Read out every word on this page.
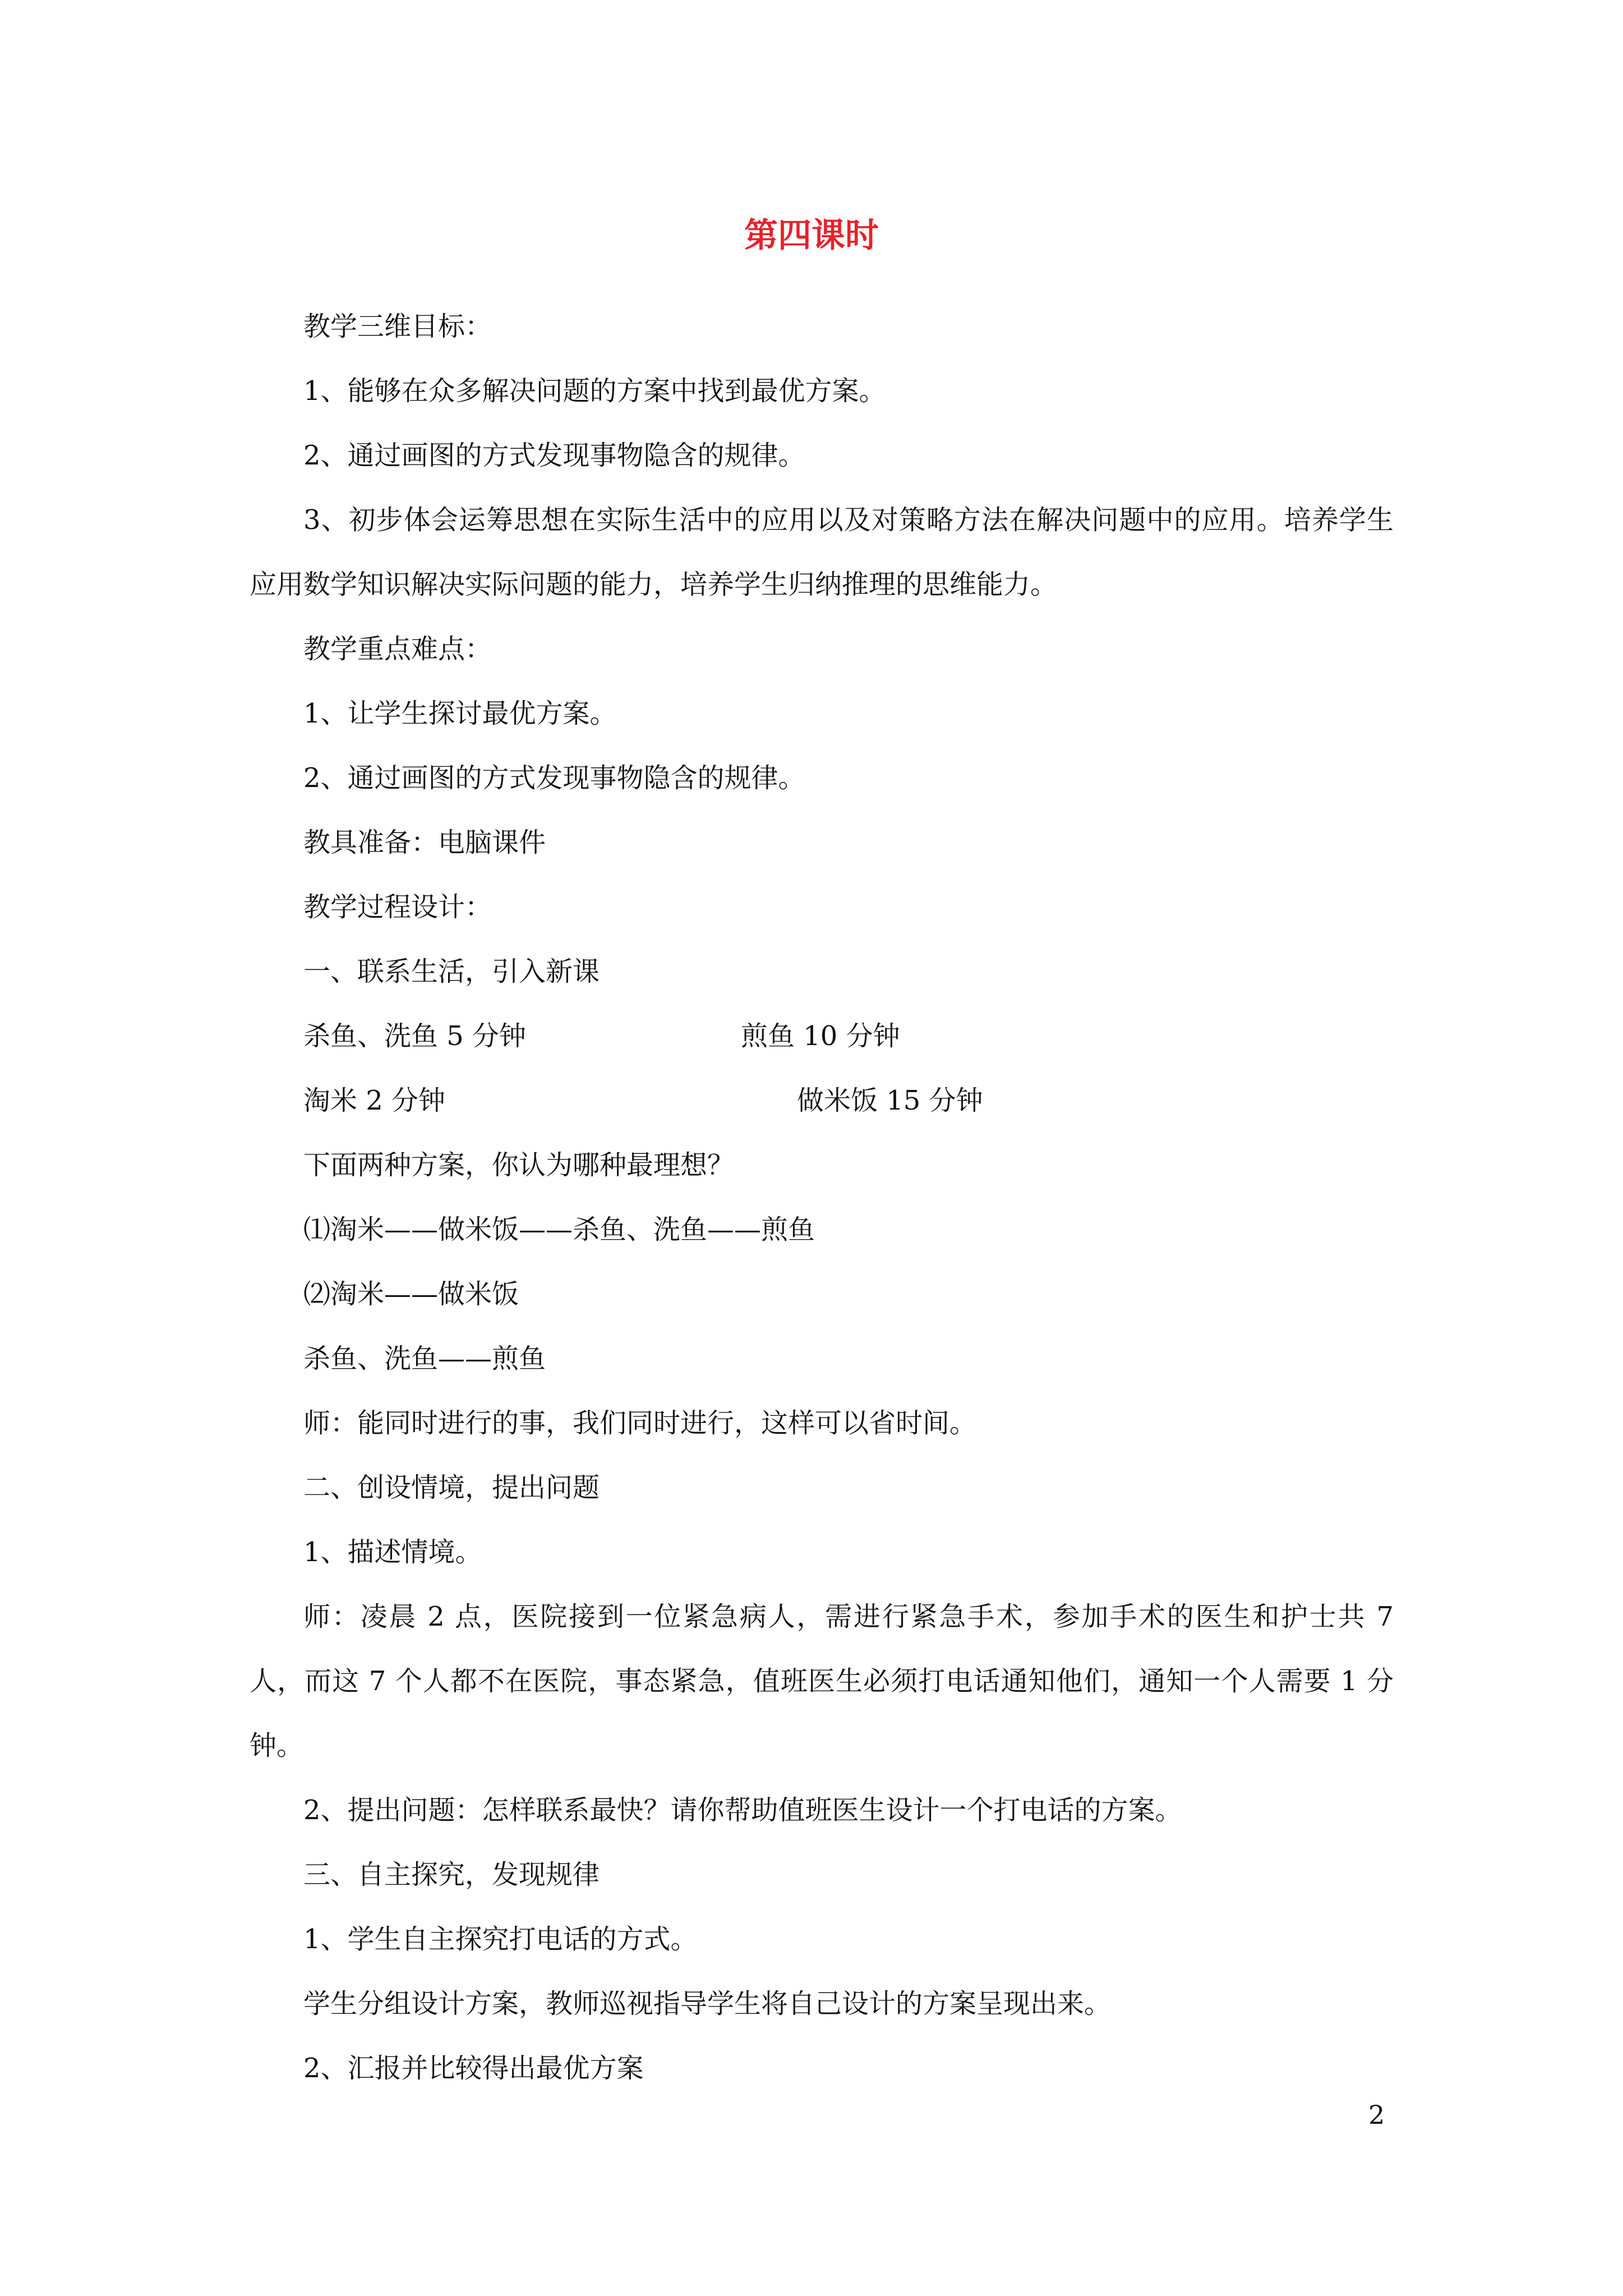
第四课时

教学三维目标：

1、能够在众多解决问题的方案中找到最优方案。

2、通过画图的方式发现事物隐含的规律。

3、初步体会运筹思想在实际生活中的应用以及对策略方法在解决问题中的应用。培养学生应用数学知识解决实际问题的能力，培养学生归纳推理的思维能力。

教学重点难点：

1、让学生探讨最优方案。

2、通过画图的方式发现事物隐含的规律。

教具准备：电脑课件

教学过程设计：

一、联系生活，引入新课

杀鱼、洗鱼 5 分钟	煎鱼 10 分钟
淘米 2 分钟	做米饭 15 分钟

下面两种方案，你认为哪种最理想？

⑴淘米——做米饭——杀鱼、洗鱼——煎鱼

⑵淘米——做米饭

杀鱼、洗鱼——煎鱼

师：能同时进行的事，我们同时进行，这样可以省时间。

二、创设情境，提出问题

1、描述情境。

师：凌晨 2 点，医院接到一位紧急病人，需进行紧急手术，参加手术的医生和护士共 7 人，而这 7 个人都不在医院，事态紧急，值班医生必须打电话通知他们，通知一个人需要 1 分钟。

2、提出问题：怎样联系最快？请你帮助值班医生设计一个打电话的方案。

三、自主探究，发现规律

1、学生自主探究打电话的方式。

学生分组设计方案，教师巡视指导学生将自己设计的方案呈现出来。

2、汇报并比较得出最优方案

2
